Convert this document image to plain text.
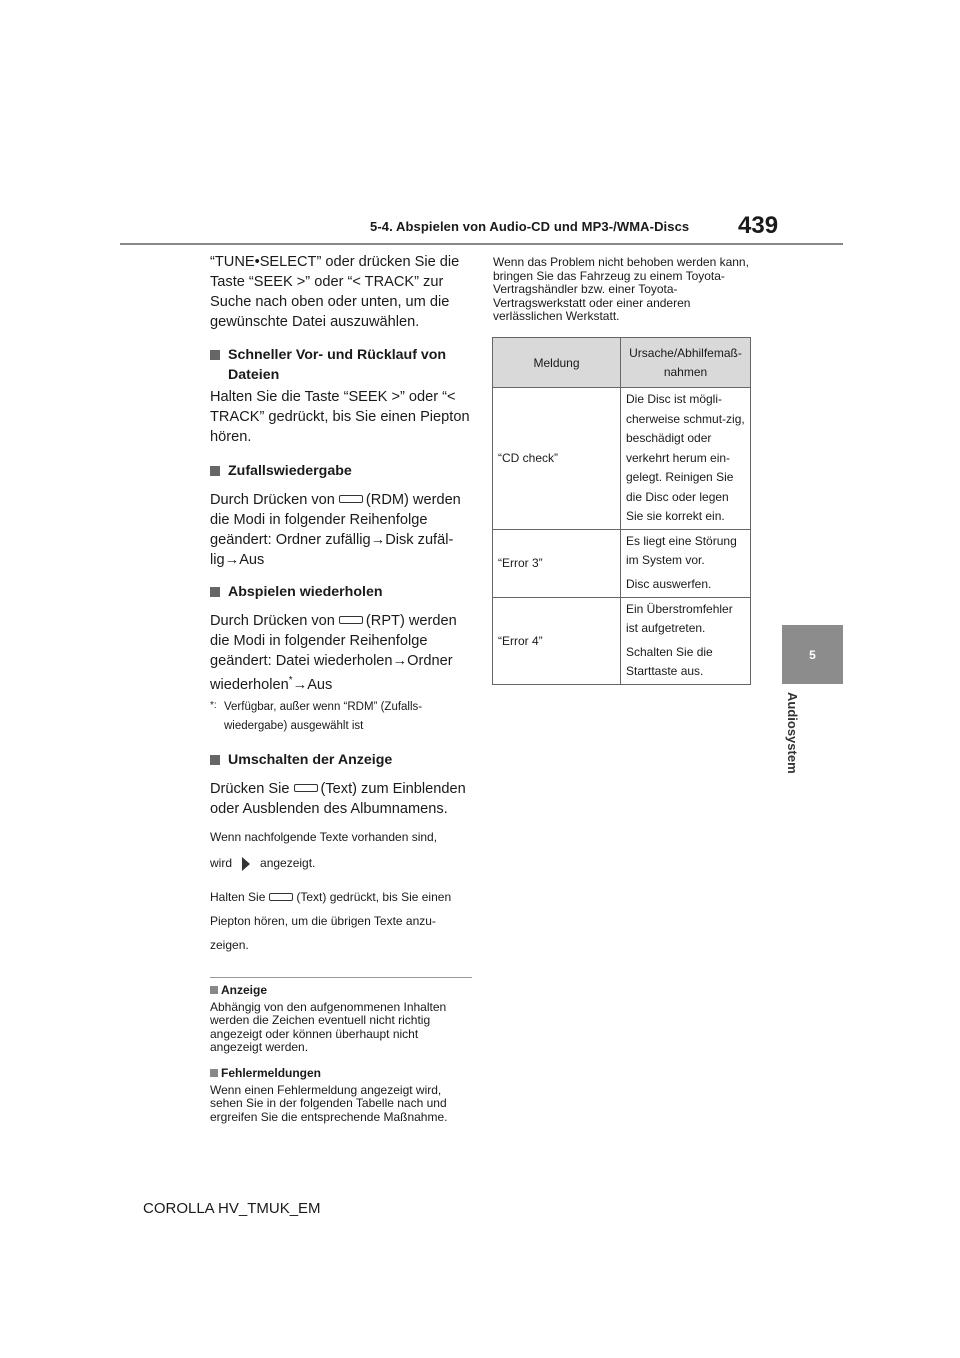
439
5-4. Abspielen von Audio-CD und MP3-/WMA-Discs
5
Audiosystem

“TUNE•SELECT” oder drücken Sie die Taste “SEEK >” oder “< TRACK” zur Suche nach oben oder unten, um die gewünschte Datei auszuwählen.

Schneller Vor- und Rücklauf von Dateien

Halten Sie die Taste “SEEK >” oder “< TRACK” gedrückt, bis Sie einen Piepton hören.

Zufallswiedergabe

Durch Drücken von (RDM) werden die Modi in folgender Reihenfolge geändert: Ordner zufällig→Disk zufäl-lig→Aus

Abspielen wiederholen

Durch Drücken von (RPT) werden die Modi in folgender Reihenfolge geändert: Datei wiederholen→Ordner wiederholen*→Aus

*: Verfügbar, außer wenn “RDM” (Zufalls-wiedergabe) ausgewählt ist

Umschalten der Anzeige

Drücken Sie (Text) zum Einblenden oder Ausblenden des Albumnamens.

Wenn nachfolgende Texte vorhanden sind,

wird angezeigt.

Halten Sie	(Text) gedrückt, bis Sie einen Piepton hören, um die übrigen Texte anzu-zeigen.

Anzeige

Abhängig von den aufgenommenen Inhalten werden die Zeichen eventuell nicht richtig angezeigt oder können überhaupt nicht angezeigt werden.

Fehlermeldungen

Wenn einen Fehlermeldung angezeigt wird, sehen Sie in der folgenden Tabelle nach und ergreifen Sie die entsprechende Maßnahme.

Wenn das Problem nicht behoben werden kann, bringen Sie das Fahrzeug zu einem Toyota-Vertragshändler bzw. einer Toyota-Vertragswerkstatt oder einer anderen verlässlichen Werkstatt.

Meldung	Ursache/Abhilfemaß-nahmen
“CD check”	Die Disc ist mögli-cherweise schmut-zig, beschädigt oder verkehrt herum ein-gelegt. Reinigen Sie die Disc oder legen Sie sie korrekt ein.
“Error 3”	Es liegt eine Störung im System vor.
Disc auswerfen.

“Error 4”	Ein Überstromfehler ist aufgetreten.
Schalten Sie die Starttaste aus.
COROLLA HV_TMUK_EM
